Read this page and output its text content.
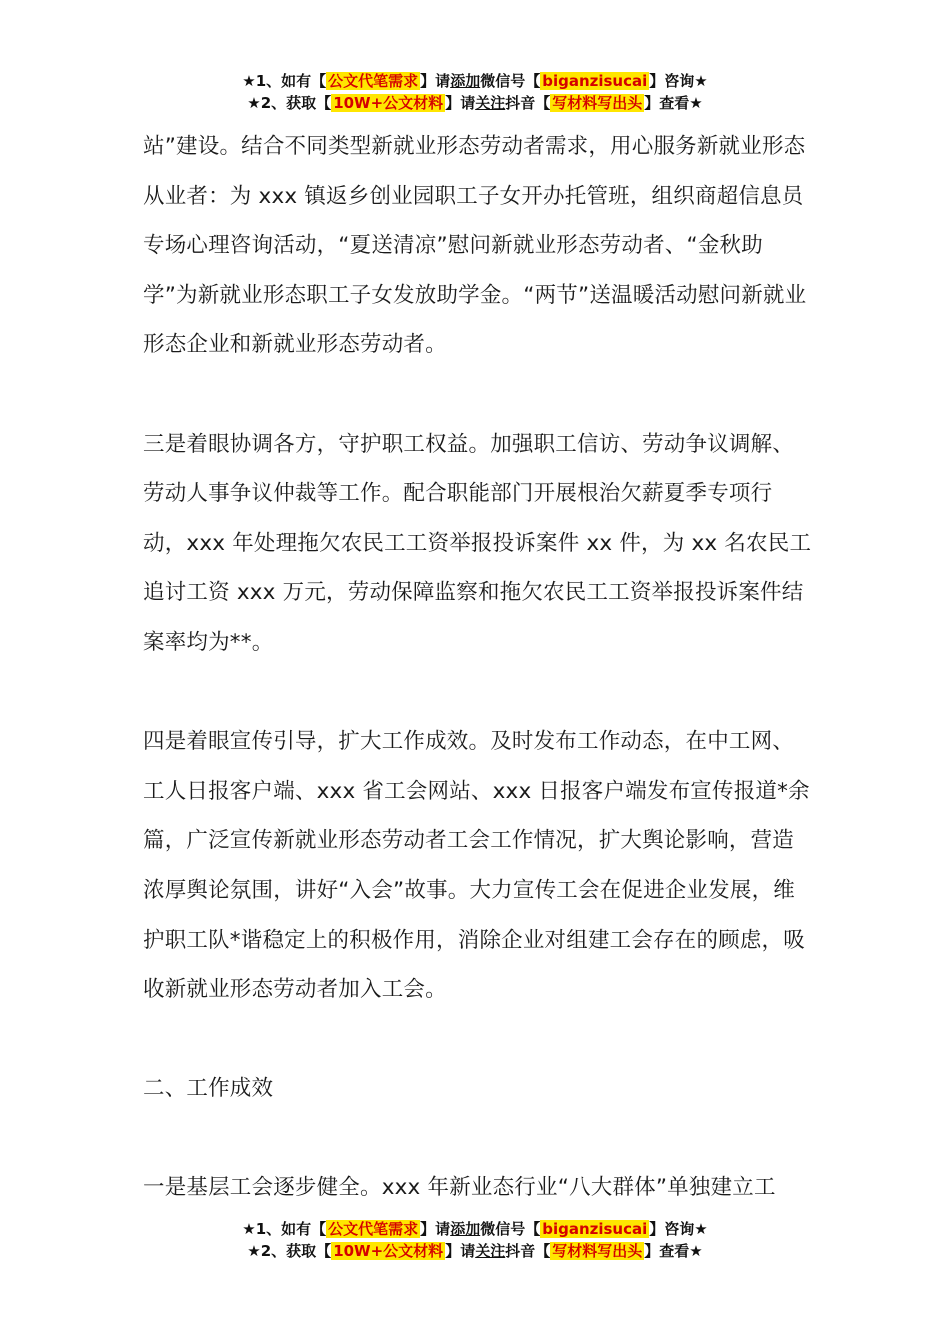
★1、如有【 公文代笔需求 】请添加微信号【 biganzisucai 】咨询★
★2、获取【 10W+公文材料 】请关注抖音【 写材料写出头 】查看★

站”建设。结合不同类型新就业形态劳动者需求，用心服务新就业形态从业者：为 xxx 镇返乡创业园职工子女开办托管班，组织商超信息员专场心理咨询活动，“夏送清凉”慰问新就业形态劳动者、“金秋助学”为新就业形态职工子女发放助学金。“两节”送温暖活动慰问新就业形态企业和新就业形态劳动者。

三是着眼协调各方，守护职工权益。加强职工信访、劳动争议调解、劳动人事争议仲裁等工作。配合职能部门开展根治欠薪夏季专项行动，xxx 年处理拖欠农民工工资举报投诉案件 xx 件，为 xx 名农民工追讨工资 xxx 万元，劳动保障监察和拖欠农民工工资举报投诉案件结案率均为**。

四是着眼宣传引导，扩大工作成效。及时发布工作动态，在中工网、工人日报客户端、xxx 省工会网站、xxx 日报客户端发布宣传报道*余篇，广泛宣传新就业形态劳动者工会工作情况，扩大舆论影响，营造浓厚舆论氛围，讲好“入会”故事。大力宣传工会在促进企业发展，维护职工队*谐稳定上的积极作用，消除企业对组建工会存在的顾虑，吸收新就业形态劳动者加入工会。

二、工作成效

一是基层工会逐步健全。xxx 年新业态行业“八大群体”单独建立工

★1、如有【 公文代笔需求 】请添加微信号【 biganzisucai 】咨询★
★2、获取【 10W+公文材料 】请关注抖音【 写材料写出头 】查看★
